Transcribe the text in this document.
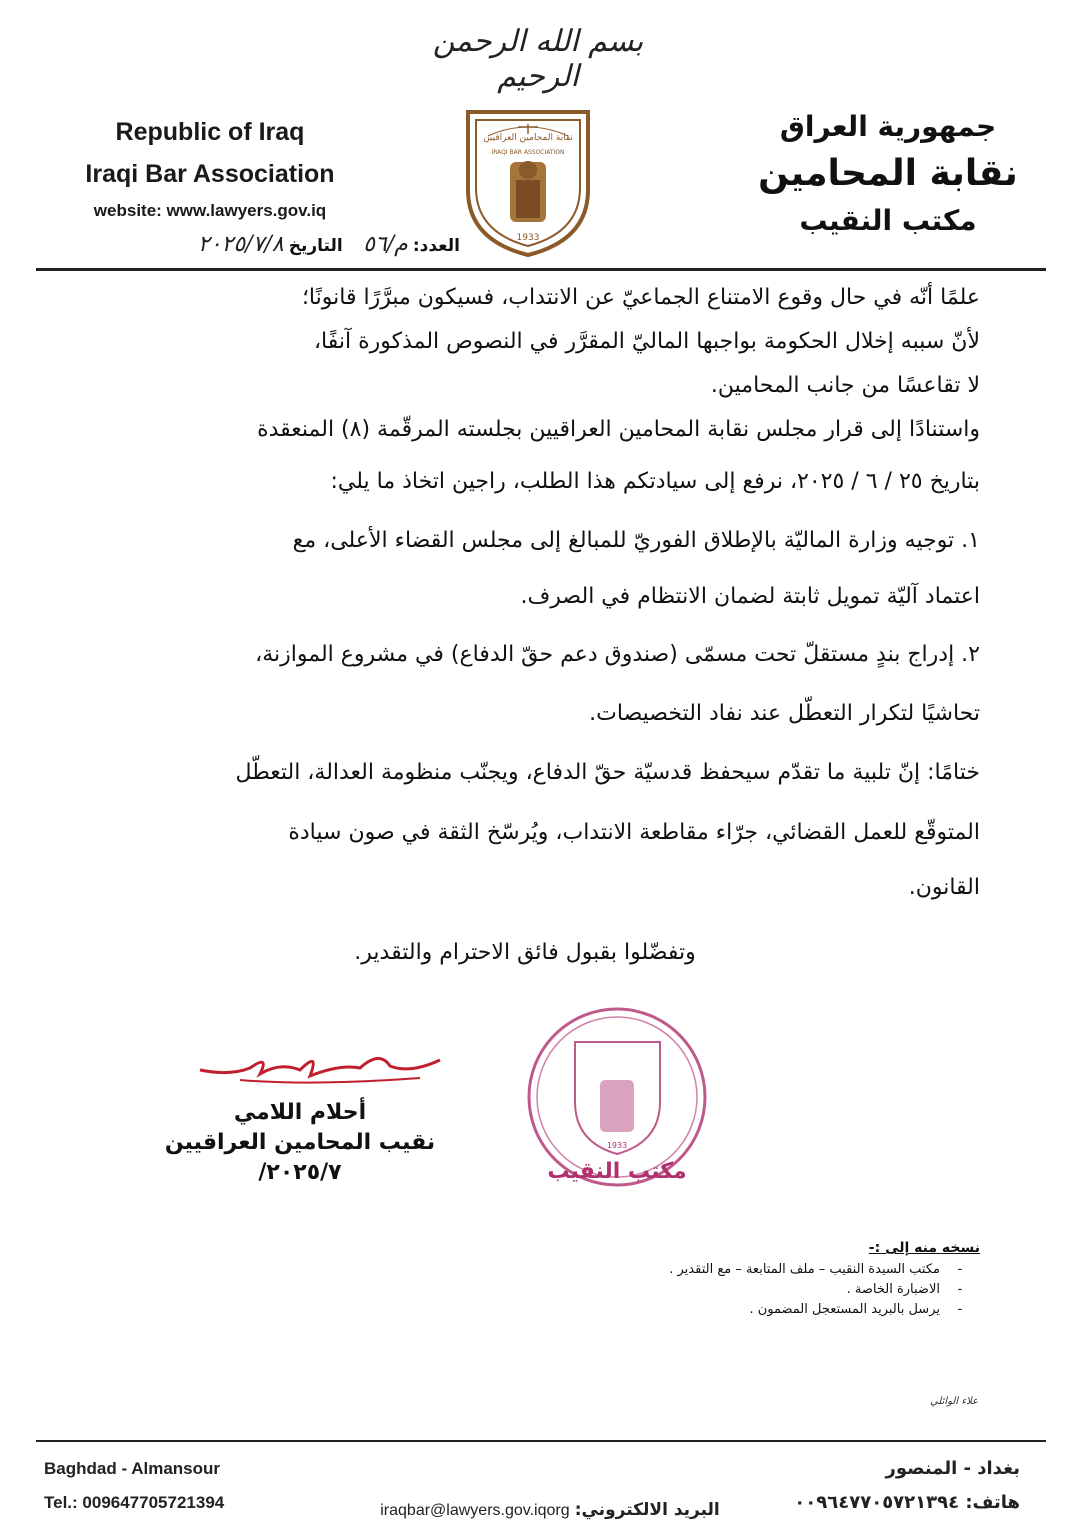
بسم الله الرحمن الرحيم
Republic of Iraq
Iraqi Bar Association
website: www.lawyers.gov.iq
جمهورية العراق
نقابة المحامين
مكتب النقيب
نقابة المحامين العراقيين
IRAQI BAR ASSOCIATION
1933
العدد: م/٥٦    التاريخ ٢٠٢٥/٧/٨

علمًا أنّه في حال وقوع الامتناع الجماعيّ عن الانتداب، فسيكون مبرَّرًا قانونًا؛

لأنّ سببه إخلال الحكومة بواجبها الماليّ المقرَّر في النصوص المذكورة آنفًا،

لا تقاعسًا من جانب المحامين.

واستنادًا إلى قرار مجلس نقابة المحامين العراقيين بجلسته المرقّمة (٨) المنعقدة

بتاريخ ٢٥ / ٦ / ٢٠٢٥، نرفع إلى سيادتكم هذا الطلب، راجين اتخاذ ما يلي:

١. توجيه وزارة الماليّة بالإطلاق الفوريّ للمبالغ إلى مجلس القضاء الأعلى، مع

اعتماد آليّة تمويل ثابتة لضمان الانتظام في الصرف.

٢. إدراج بندٍ مستقلّ تحت مسمّى (صندوق دعم حقّ الدفاع) في مشروع الموازنة،

تحاشيًا لتكرار التعطّل عند نفاد التخصيصات.

ختامًا: إنّ تلبية ما تقدّم سيحفظ قدسيّة حقّ الدفاع، ويجنّب منظومة العدالة، التعطّل

المتوقّع للعمل القضائي، جرّاء مقاطعة الانتداب، ويُرسّخ الثقة في صون سيادة

القانون.

وتفضّلوا بقبول فائق الاحترام والتقدير.
أحلام اللامي
نقيب المحامين العراقيين
٢٠٢٥/٧/
1933
مكتب النقيب
نسخه منه إلى :-
-
مكتب السيدة النقيب – ملف المتابعة – مع التقدير .
-
الاضبارة الخاصة .
-
يرسل بالبريد المستعجل المضمون .
علاء الوائلي
Baghdad - Almansour
Tel.: 009647705721394
بغداد - المنصور
هاتف: ٠٠٩٦٤٧٧٠٥٧٢١٣٩٤
البريد الالكتروني: iraqbar@lawyers.gov.iqorg
